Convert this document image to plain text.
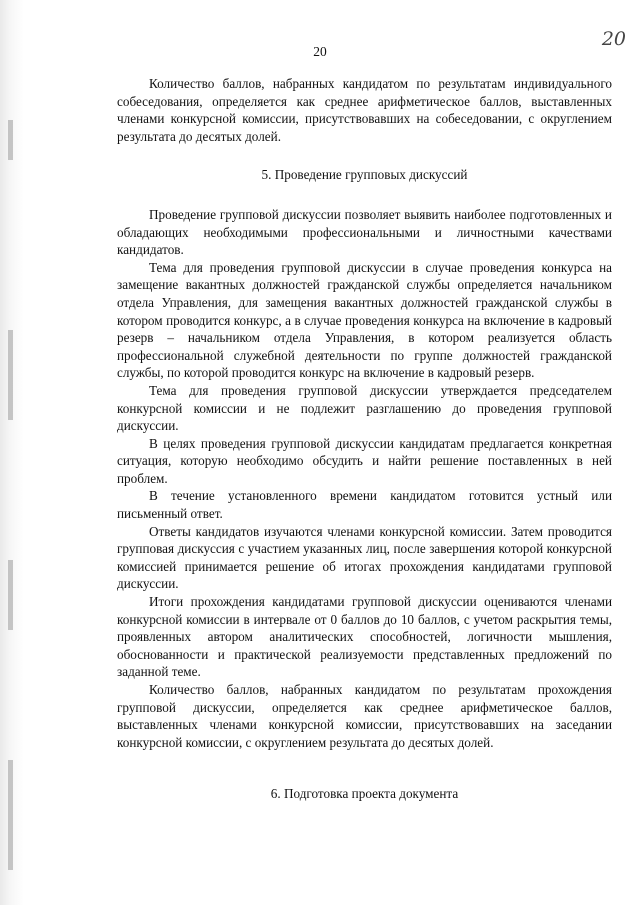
20
20

Количество баллов, набранных кандидатом по результатам индивидуального собеседования, определяется как среднее арифметическое баллов, выставленных членами конкурсной комиссии, присутствовавших на собеседовании, с округлением результата до десятых долей.

5. Проведение групповых дискуссий

Проведение групповой дискуссии позволяет выявить наиболее подготовленных и обладающих необходимыми профессиональными и личностными качествами кандидатов.

Тема для проведения групповой дискуссии в случае проведения конкурса на замещение вакантных должностей гражданской службы определяется начальником отдела Управления, для замещения вакантных должностей гражданской службы в котором проводится конкурс, а в случае проведения конкурса на включение в кадровый резерв – начальником отдела Управления, в котором реализуется область профессиональной служебной деятельности по группе должностей гражданской службы, по которой проводится конкурс на включение в кадровый резерв.

Тема для проведения групповой дискуссии утверждается председателем конкурсной комиссии и не подлежит разглашению до проведения групповой дискуссии.

В целях проведения групповой дискуссии кандидатам предлагается конкретная ситуация, которую необходимо обсудить и найти решение поставленных в ней проблем.

В течение установленного времени кандидатом готовится устный или письменный ответ.

Ответы кандидатов изучаются членами конкурсной комиссии. Затем проводится групповая дискуссия с участием указанных лиц, после завершения которой конкурсной комиссией принимается решение об итогах прохождения кандидатами групповой дискуссии.

Итоги прохождения кандидатами групповой дискуссии оцениваются членами конкурсной комиссии в интервале от 0 баллов до 10 баллов, с учетом раскрытия темы, проявленных автором аналитических способностей, логичности мышления, обоснованности и практической реализуемости представленных предложений по заданной теме.

Количество баллов, набранных кандидатом по результатам прохождения групповой дискуссии, определяется как среднее арифметическое баллов, выставленных членами конкурсной комиссии, присутствовавших на заседании конкурсной комиссии, с округлением результата до десятых долей.

6. Подготовка проекта документа
